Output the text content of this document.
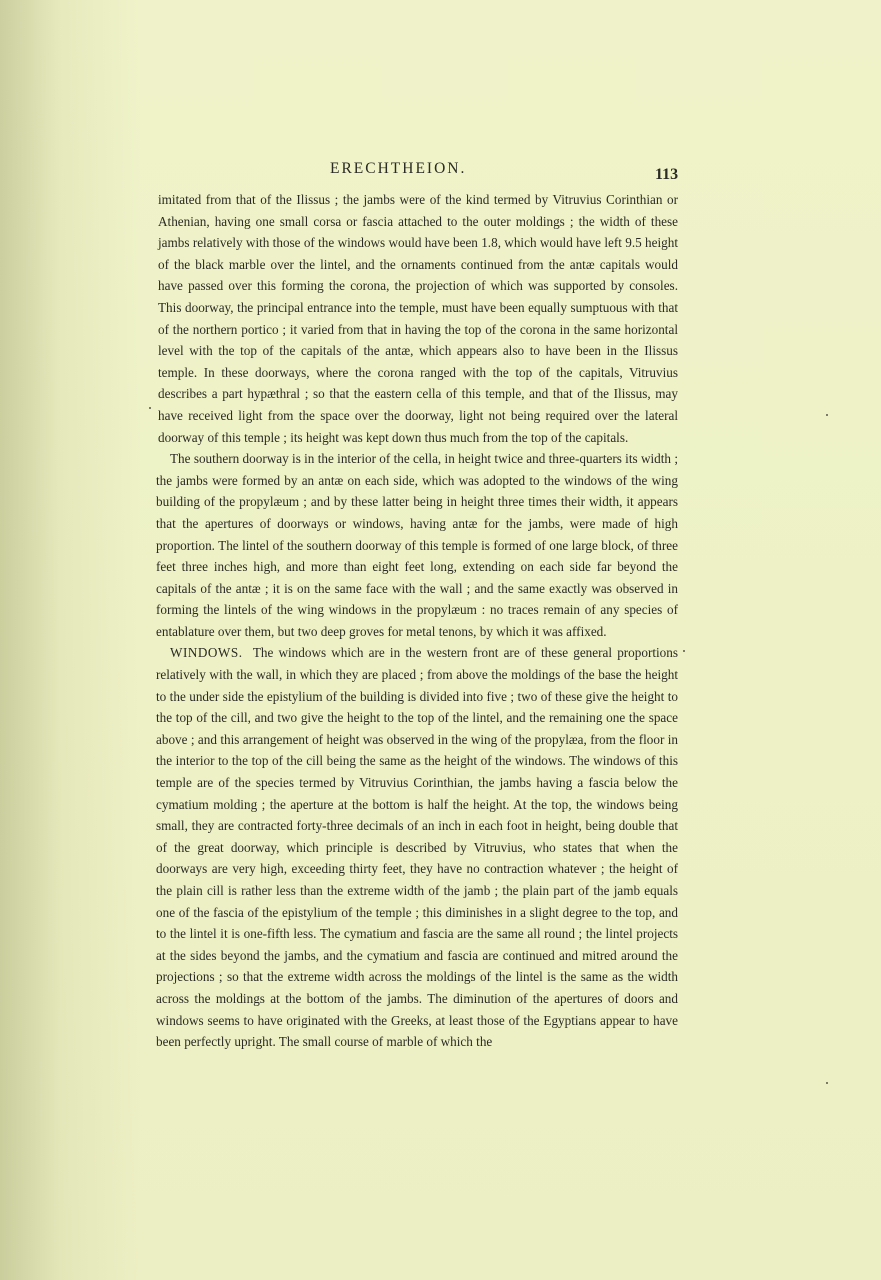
ERECHTHEION.	113

imitated from that of the Ilissus ; the jambs were of the kind termed by Vitruvius Corinthian or Athenian, having one small corsa or fascia attached to the outer moldings ; the width of these jambs relatively with those of the windows would have been 1.8, which would have left 9.5 height of the black marble over the lintel, and the ornaments continued from the antæ capitals would have passed over this forming the corona, the projection of which was supported by consoles. This doorway, the principal entrance into the temple, must have been equally sumptuous with that of the northern portico ; it varied from that in having the top of the corona in the same horizontal level with the top of the capitals of the antæ, which appears also to have been in the Ilissus temple. In these doorways, where the corona ranged with the top of the capitals, Vitruvius describes a part hypæthral ; so that the eastern cella of this temple, and that of the Ilissus, may have received light from the space over the doorway, light not being required over the lateral doorway of this temple ; its height was kept down thus much from the top of the capitals.

The southern doorway is in the interior of the cella, in height twice and three-quarters its width ; the jambs were formed by an antæ on each side, which was adopted to the windows of the wing building of the propylæum ; and by these latter being in height three times their width, it appears that the apertures of doorways or windows, having antæ for the jambs, were made of high proportion. The lintel of the southern doorway of this temple is formed of one large block, of three feet three inches high, and more than eight feet long, extending on each side far beyond the capitals of the antæ ; it is on the same face with the wall ; and the same exactly was observed in forming the lintels of the wing windows in the propylæum : no traces remain of any species of entablature over them, but two deep groves for metal tenons, by which it was affixed.

WINDOWS. The windows which are in the western front are of these general proportions relatively with the wall, in which they are placed ; from above the moldings of the base the height to the under side the epistylium of the building is divided into five ; two of these give the height to the top of the cill, and two give the height to the top of the lintel, and the remaining one the space above ; and this arrangement of height was observed in the wing of the propylæa, from the floor in the interior to the top of the cill being the same as the height of the windows. The windows of this temple are of the species termed by Vitruvius Corinthian, the jambs having a fascia below the cymatium molding ; the aperture at the bottom is half the height. At the top, the windows being small, they are contracted forty-three decimals of an inch in each foot in height, being double that of the great doorway, which principle is described by Vitruvius, who states that when the doorways are very high, exceeding thirty feet, they have no contraction whatever ; the height of the plain cill is rather less than the extreme width of the jamb ; the plain part of the jamb equals one of the fascia of the epistylium of the temple ; this diminishes in a slight degree to the top, and to the lintel it is one-fifth less. The cymatium and fascia are the same all round ; the lintel projects at the sides beyond the jambs, and the cymatium and fascia are continued and mitred around the projections ; so that the extreme width across the moldings of the lintel is the same as the width across the moldings at the bottom of the jambs. The diminution of the apertures of doors and windows seems to have originated with the Greeks, at least those of the Egyptians appear to have been perfectly upright. The small course of marble of which the
